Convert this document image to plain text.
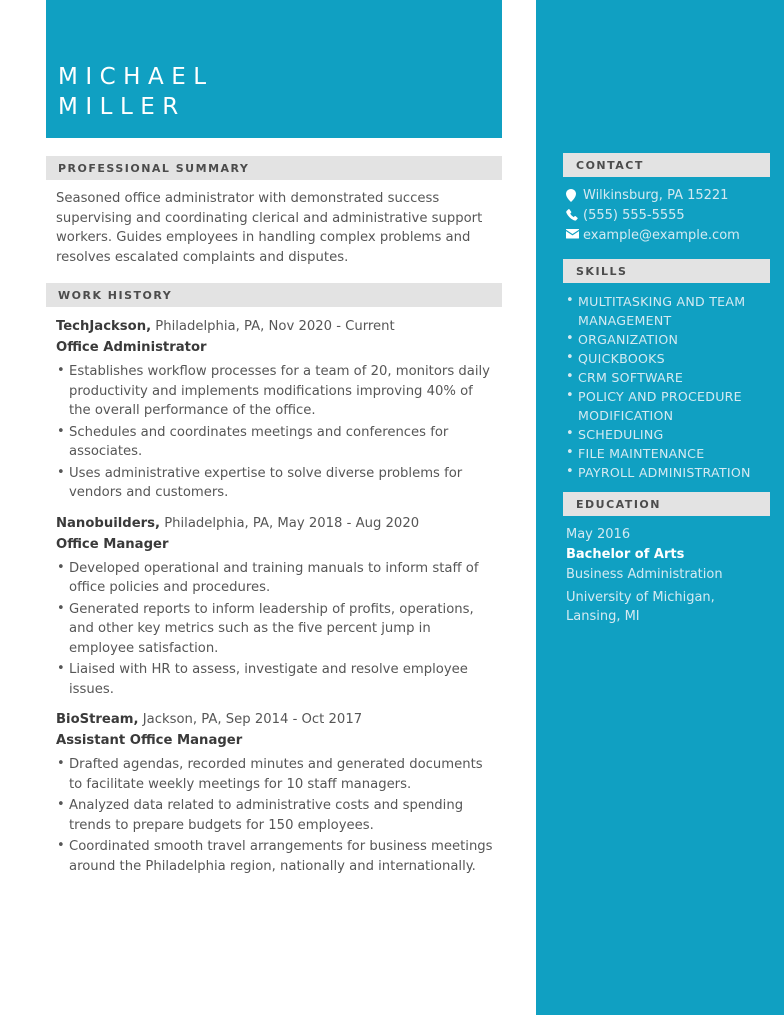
CONTACT
Wilkinsburg, PA 15221
(555) 555-5555
example@example.com
SKILLS
• MULTITASKING AND TEAM MANAGEMENT
• ORGANIZATION
• QUICKBOOKS
• CRM SOFTWARE
• POLICY AND PROCEDURE MODIFICATION
• SCHEDULING
• FILE MAINTENANCE
• PAYROLL ADMINISTRATION
EDUCATION
May 2016
Bachelor of Arts
Business Administration
University of Michigan, Lansing, MI
MICHAEL
MILLER
PROFESSIONAL SUMMARY
Seasoned office administrator with demonstrated success supervising and coordinating clerical and administrative support workers. Guides employees in handling complex problems and resolves escalated complaints and disputes.
WORK HISTORY
TechJackson, Philadelphia, PA, Nov 2020 - Current
Office Administrator
• Establishes workflow processes for a team of 20, monitors daily productivity and implements modifications improving 40% of the overall performance of the office.
• Schedules and coordinates meetings and conferences for associates.
• Uses administrative expertise to solve diverse problems for vendors and customers.
Nanobuilders, Philadelphia, PA, May 2018 - Aug 2020
Office Manager
• Developed operational and training manuals to inform staff of office policies and procedures.
• Generated reports to inform leadership of profits, operations, and other key metrics such as the five percent jump in employee satisfaction.
• Liaised with HR to assess, investigate and resolve employee issues.
BioStream, Jackson, PA, Sep 2014 - Oct 2017
Assistant Office Manager
• Drafted agendas, recorded minutes and generated documents to facilitate weekly meetings for 10 staff managers.
• Analyzed data related to administrative costs and spending trends to prepare budgets for 150 employees.
• Coordinated smooth travel arrangements for business meetings around the Philadelphia region, nationally and internationally.
